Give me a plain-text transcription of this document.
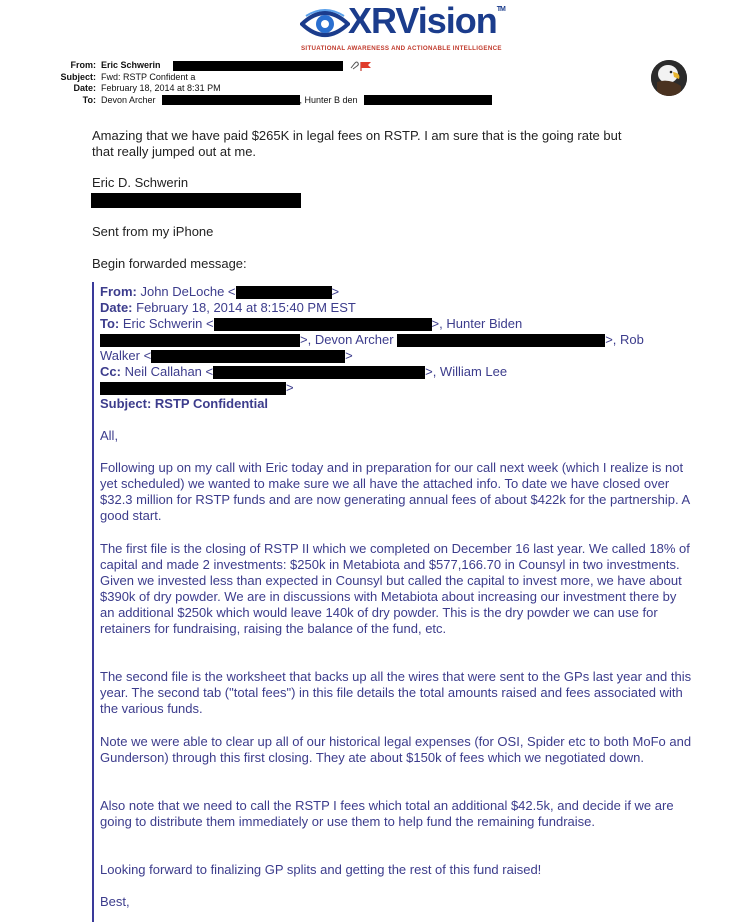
XRVision™
SITUATIONAL AWARENESS AND ACTIONABLE INTELLIGENCE
From: Eric Schwerin
Subject: Fwd: RSTP Confident a
Date: February 18, 2014 at 8:31 PM
To: Devon Archer	, Hunter B den
Amazing that we have paid $265K in legal fees on RSTP. I am sure that is the going rate but
that really jumped out at me.
Eric D. Schwerin
Sent from my iPhone
Begin forwarded message:
From: John DeLoche <	>
Date: February 18, 2014 at 8:15:40 PM EST
To: Eric Schwerin <	>, Hunter Biden
>, Devon Archer	>, Rob
Walker <	>
Cc: Neil Callahan <	>, William Lee
>
Subject: RSTP Confidential

All,

Following up on my call with Eric today and in preparation for our call next week (which I realize is not yet scheduled) we wanted to make sure we all have the attached info. To date we have closed over $32.3 million for RSTP funds and are now generating annual fees of about $422k for the partnership. A good start.

The first file is the closing of RSTP II which we completed on December 16 last year. We called 18% of capital and made 2 investments: $250k in Metabiota and $577,166.70 in Counsyl in two investments. Given we invested less than expected in Counsyl but called the capital to invest more, we have about $390k of dry powder. We are in discussions with Metabiota about increasing our investment there by an additional $250k which would leave 140k of dry powder. This is the dry powder we can use for retainers for fundraising, raising the balance of the fund, etc.

The second file is the worksheet that backs up all the wires that were sent to the GPs last year and this year. The second tab ("total fees") in this file details the total amounts raised and fees associated with the various funds.

Note we were able to clear up all of our historical legal expenses (for OSI, Spider etc to both MoFo and Gunderson) through this first closing. They ate about $150k of fees which we negotiated down.

Also note that we need to call the RSTP I fees which total an additional $42.5k, and decide if we are going to distribute them immediately or use them to help fund the remaining fundraise.

Looking forward to finalizing GP splits and getting the rest of this fund raised!

Best,
